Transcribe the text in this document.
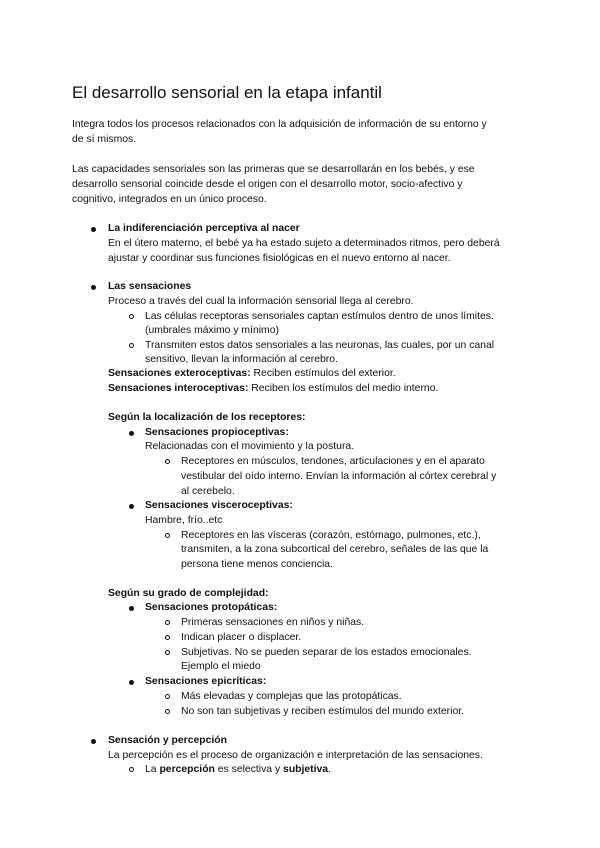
El desarrollo sensorial en la etapa infantil
Integra todos los procesos relacionados con la adquisición de información de su entorno y
de sí mismos.
Las capacidades sensoriales son las primeras que se desarrollarán en los bebés, y ese
desarrollo sensorial coincide desde el origen con el desarrollo motor, socio-afectivo y
cognitivo, integrados en un único proceso.
La indiferenciación perceptiva al nacer
En el útero materno, el bebé ya ha estado sujeto a determinados ritmos, pero deberá
ajustar y coordinar sus funciones fisiológicas en el nuevo entorno al nacer.
Las sensaciones
Proceso a través del cual la información sensorial llega al cerebro.
Las células receptoras sensoriales captan estímulos dentro de unos límites.
(umbrales máximo y mínimo)
Transmiten estos datos sensoriales a las neuronas, las cuales, por un canal
sensitivo, llevan la información al cerebro.
Sensaciones exteroceptivas: Reciben estímulos del exterior.
Sensaciones interoceptivas: Reciben los estímulos del medio interno.
Según la localización de los receptores:
Sensaciones propioceptivas:
Relacionadas con el movimiento y la postura.
Receptores en músculos, tendones, articulaciones y en el aparato
vestibular del oído interno. Envían la información al córtex cerebral y
al cerebelo.
Sensaciones visceroceptivas:
Hambre, frío..etc
Receptores en las vísceras (corazón, estómago, pulmones, etc.),
transmiten, a la zona subcortical del cerebro, señales de las que la
persona tiene menos conciencia.
Según su grado de complejidad:
Sensaciones protopáticas:
Primeras sensaciones en niños y niñas.
Indican placer o displacer.
Subjetivas. No se pueden separar de los estados emocionales.
Ejemplo el miedo
Sensaciones epicríticas:
Más elevadas y complejas que las protopáticas.
No son tan subjetivas y reciben estímulos del mundo exterior.
Sensación y percepción
La percepción es el proceso de organización e interpretación de las sensaciones.
La percepción es selectiva y subjetiva.
